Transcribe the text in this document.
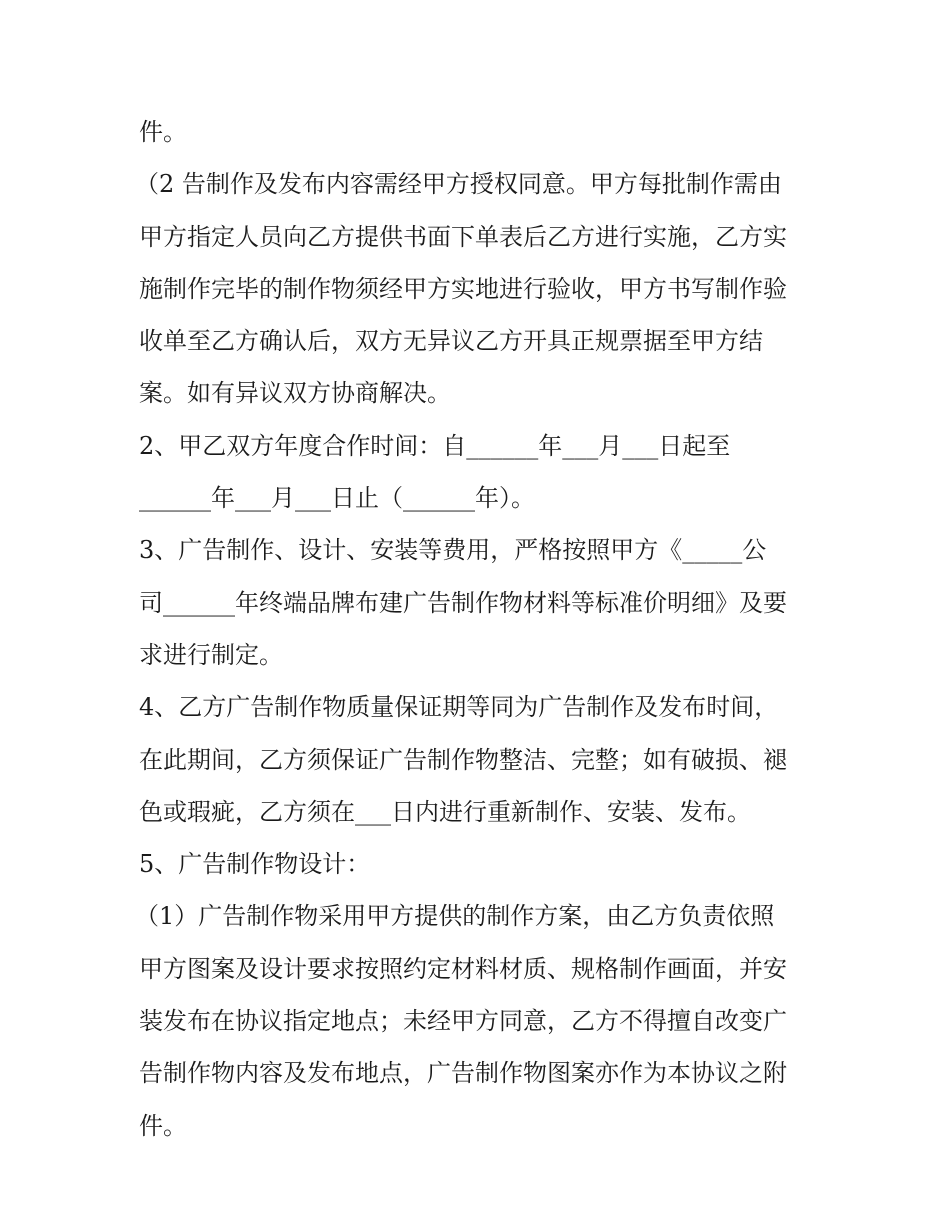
件。
（2 告制作及发布内容需经甲方授权同意。甲方每批制作需由
甲方指定人员向乙方提供书面下单表后乙方进行实施，乙方实
施制作完毕的制作物须经甲方实地进行验收，甲方书写制作验
收单至乙方确认后，双方无异议乙方开具正规票据至甲方结
案。如有异议双方协商解决。
2、甲乙双方年度合作时间：自______年___月___日起至
______年___月___日止（______年）。
3、广告制作、设计、安装等费用，严格按照甲方《_____公
司______年终端品牌布建广告制作物材料等标准价明细》及要
求进行制定。
4、乙方广告制作物质量保证期等同为广告制作及发布时间，
在此期间，乙方须保证广告制作物整洁、完整；如有破损、褪
色或瑕疵，乙方须在___日内进行重新制作、安装、发布。
5、广告制作物设计：
（1）广告制作物采用甲方提供的制作方案，由乙方负责依照
甲方图案及设计要求按照约定材料材质、规格制作画面，并安
装发布在协议指定地点；未经甲方同意，乙方不得擅自改变广
告制作物内容及发布地点，广告制作物图案亦作为本协议之附
件。
